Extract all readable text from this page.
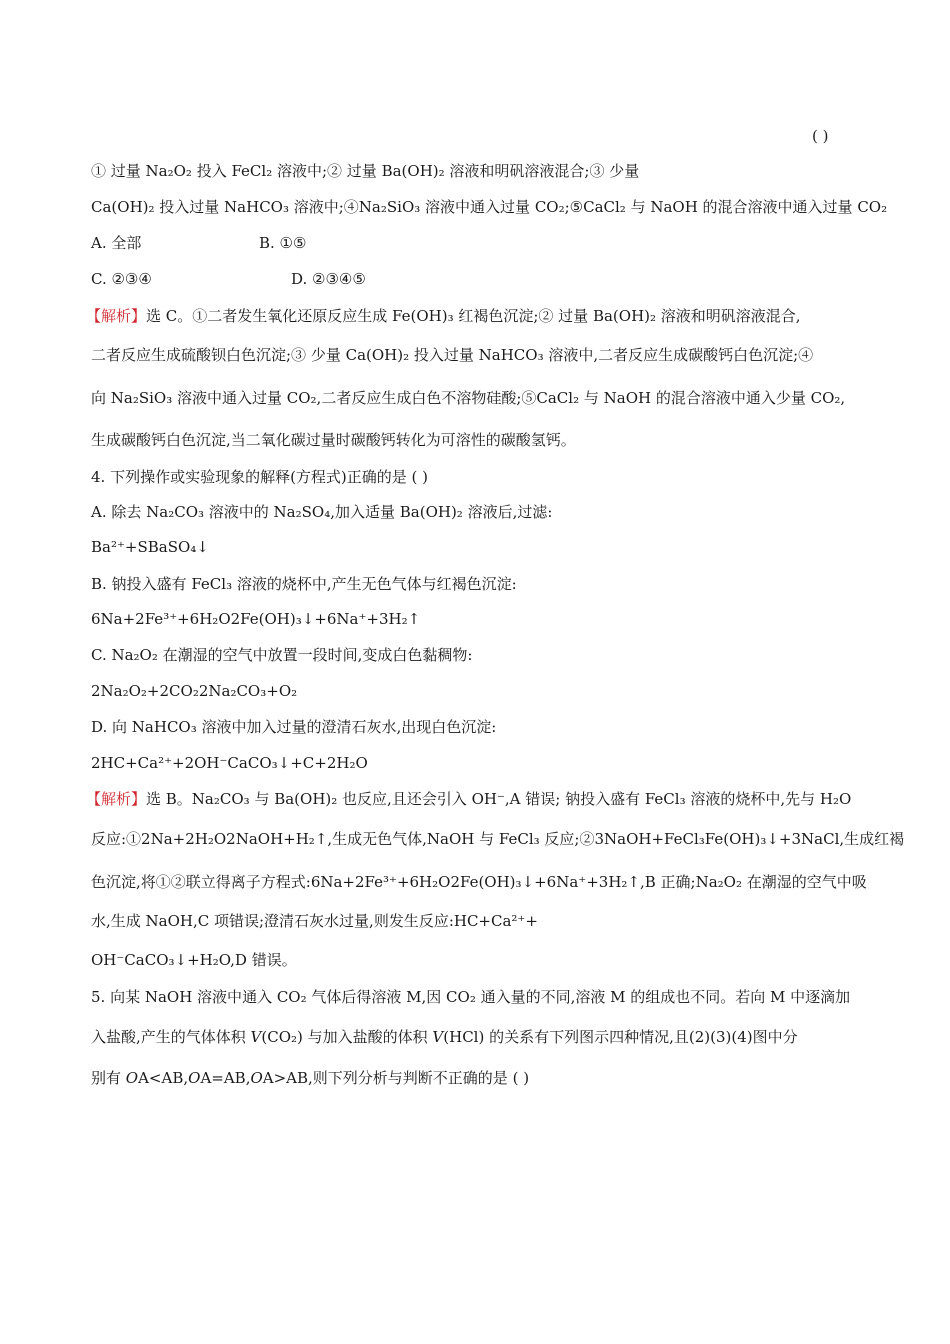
( )
① 过量 Na₂O₂ 投入 FeCl₂ 溶液中;② 过量 Ba(OH)₂ 溶液和明矾溶液混合;③ 少量
Ca(OH)₂ 投入过量 NaHCO₃ 溶液中;④Na₂SiO₃ 溶液中通入过量 CO₂;⑤CaCl₂ 与 NaOH 的混合溶液中通入过量 CO₂
A. 全部	B. ①⑤
C. ②③④	D. ②③④⑤
【解析】选 C。①二者发生氧化还原反应生成 Fe(OH)₃ 红褐色沉淀;② 过量 Ba(OH)₂ 溶液和明矾溶液混合,
二者反应生成硫酸钡白色沉淀;③ 少量 Ca(OH)₂ 投入过量 NaHCO₃ 溶液中,二者反应生成碳酸钙白色沉淀;④
向 Na₂SiO₃ 溶液中通入过量 CO₂,二者反应生成白色不溶物硅酸;⑤CaCl₂ 与 NaOH 的混合溶液中通入少量 CO₂,
生成碳酸钙白色沉淀,当二氧化碳过量时碳酸钙转化为可溶性的碳酸氢钙。
4. 下列操作或实验现象的解释(方程式)正确的是 ( )
A. 除去 Na₂CO₃ 溶液中的 Na₂SO₄,加入适量 Ba(OH)₂ 溶液后,过滤:
Ba²⁺+SBaSO₄↓
B. 钠投入盛有 FeCl₃ 溶液的烧杯中,产生无色气体与红褐色沉淀:
6Na+2Fe³⁺+6H₂O2Fe(OH)₃↓+6Na⁺+3H₂↑
C. Na₂O₂ 在潮湿的空气中放置一段时间,变成白色黏稠物:
2Na₂O₂+2CO₂2Na₂CO₃+O₂
D. 向 NaHCO₃ 溶液中加入过量的澄清石灰水,出现白色沉淀:
2HC+Ca²⁺+2OH⁻CaCO₃↓+C+2H₂O
【解析】选 B。Na₂CO₃ 与 Ba(OH)₂ 也反应,且还会引入 OH⁻,A 错误; 钠投入盛有 FeCl₃ 溶液的烧杯中,先与 H₂O
反应:①2Na+2H₂O2NaOH+H₂↑,生成无色气体,NaOH 与 FeCl₃ 反应;②3NaOH+FeCl₃Fe(OH)₃↓+3NaCl,生成红褐
色沉淀,将①②联立得离子方程式:6Na+2Fe³⁺+6H₂O2Fe(OH)₃↓+6Na⁺+3H₂↑,B 正确;Na₂O₂ 在潮湿的空气中吸
水,生成 NaOH,C 项错误;澄清石灰水过量,则发生反应:HC+Ca²⁺+
OH⁻CaCO₃↓+H₂O,D 错误。
5. 向某 NaOH 溶液中通入 CO₂ 气体后得溶液 M,因 CO₂ 通入量的不同,溶液 M 的组成也不同。若向 M 中逐滴加
入盐酸,产生的气体体积 V(CO₂) 与加入盐酸的体积 V(HCl) 的关系有下列图示四种情况,且(2)(3)(4)图中分
别有 OA<AB,OA=AB,OA>AB,则下列分析与判断不正确的是 ( )
